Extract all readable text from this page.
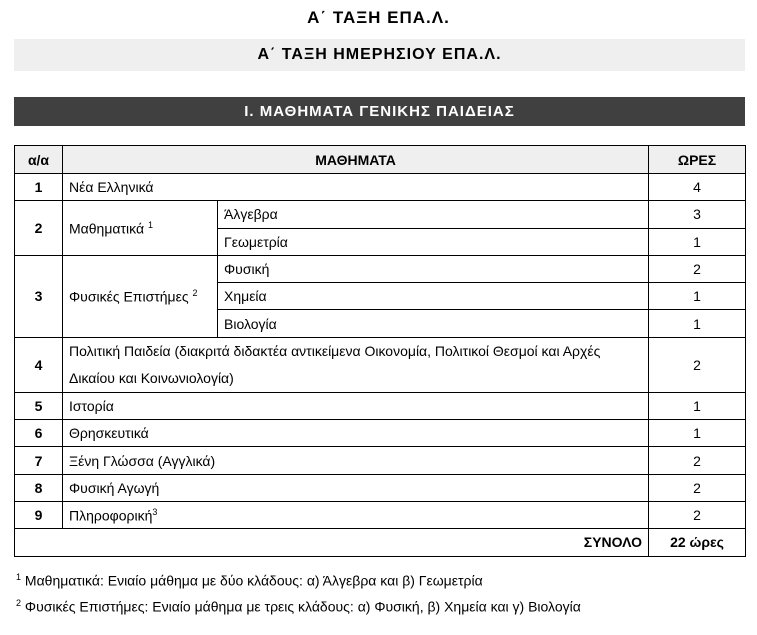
Α΄ ΤΑΞΗ ΕΠΑ.Λ.
Α΄ ΤΑΞΗ ΗΜΕΡΗΣΙΟΥ ΕΠΑ.Λ.
Ι. ΜΑΘΗΜΑΤΑ ΓΕΝΙΚΗΣ ΠΑΙΔΕΙΑΣ
α/α	ΜΑΘΗΜΑΤΑ		ΩΡΕΣ
1	Νέα Ελληνικά		4
2	Μαθηματικά $^1$	Άλγεβρα	3
		Γεωμετρία	1
3	Φυσικές Επιστήμες $^2$	Φυσική	2
		Χημεία	1
		Βιολογία	1
4	Πολιτική Παιδεία (διακριτά διδακτέα αντικείμενα Οικονομία, Πολιτικοί Θεσμοί και Αρχές Δικαίου και Κοινωνιολογία)		2
5	Ιστορία		1
6	Θρησκευτικά		1
7	Ξένη Γλώσσα (Αγγλικά)		2
8	Φυσική Αγωγή		2
9	Πληροφορική$^3$		2
	ΣΥΝΟΛΟ		22 ώρες
$^1$ Μαθηματικά: Ενιαίο μάθημα με δύο κλάδους: α) Άλγεβρα και β) Γεωμετρία
$^2$ Φυσικές Επιστήμες: Ενιαίο μάθημα με τρεις κλάδους: α) Φυσική, β) Χημεία και γ) Βιολογία
